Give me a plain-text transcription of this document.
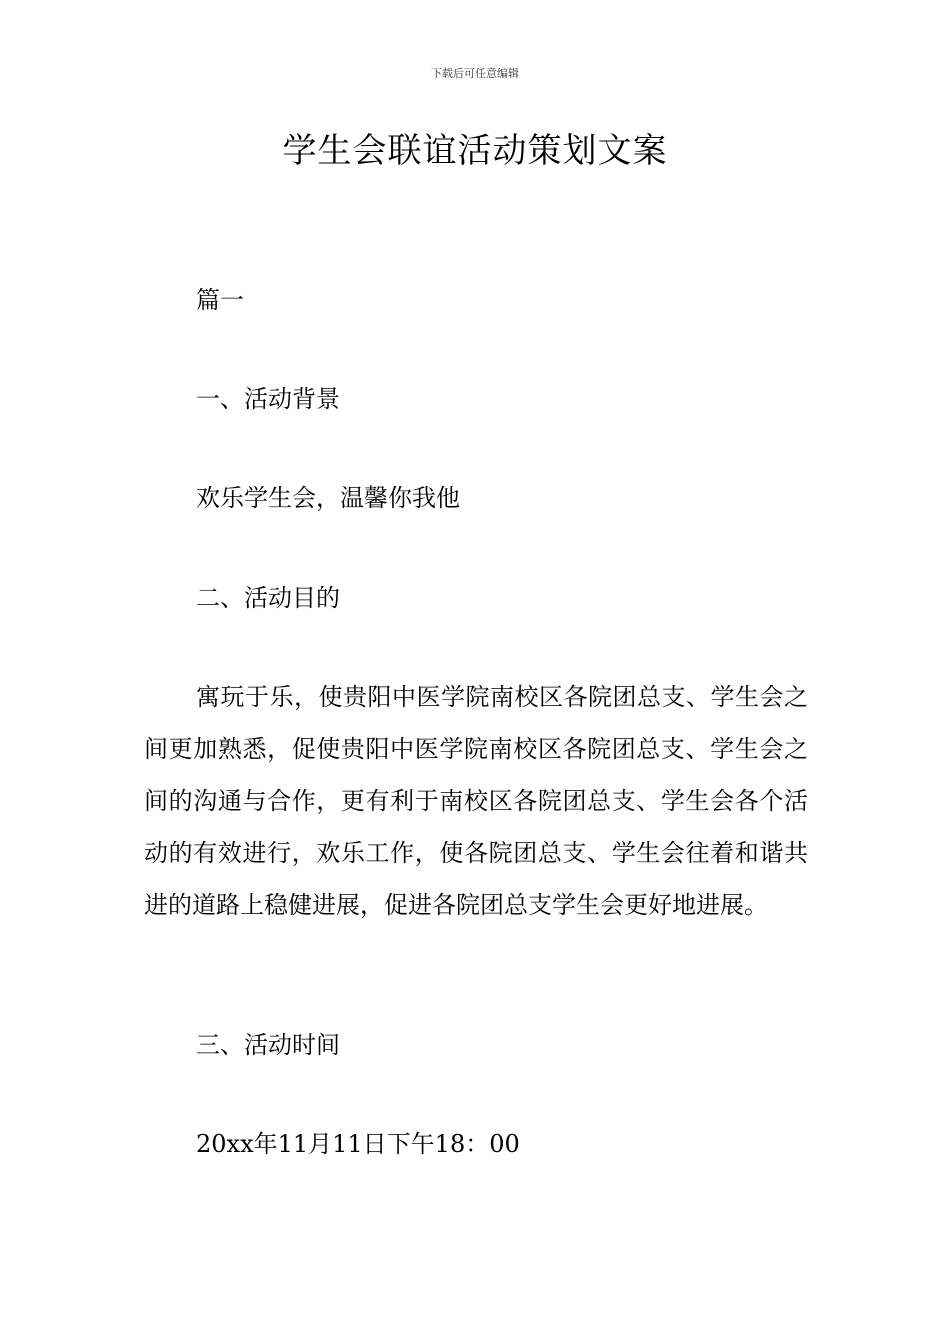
下载后可任意编辑
学生会联谊活动策划文案
篇一
一、活动背景
欢乐学生会，温馨你我他
二、活动目的

寓玩于乐，使贵阳中医学院南校区各院团总支、学生会之间更加熟悉，促使贵阳中医学院南校区各院团总支、学生会之间的沟通与合作，更有利于南校区各院团总支、学生会各个活动的有效进行，欢乐工作，使各院团总支、学生会往着和谐共进的道路上稳健进展，促进各院团总支学生会更好地进展。

三、活动时间
20xx年11月11日下午18：00
